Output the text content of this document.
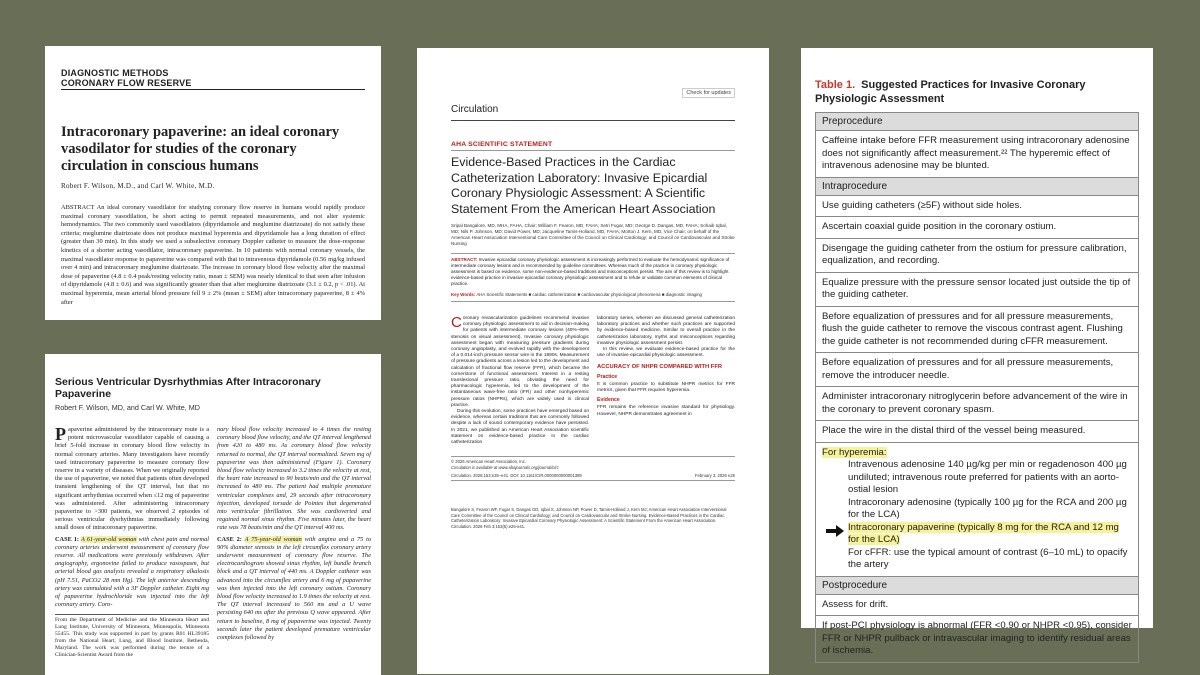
DIAGNOSTIC METHODS
CORONARY FLOW RESERVE
Intracoronary papaverine: an ideal coronary vasodilator for studies of the coronary circulation in conscious humans
Robert F. Wilson, M.D., and Carl W. White, M.D.
ABSTRACT An ideal coronary vasodilator for studying coronary flow reserve in humans would rapidly produce maximal coronary vasodilation, be short acting to permit repeated measurements, and not alter systemic hemodynamics. The two commonly used vasodilators (dipyridamole and meglumine diatrizoate) do not satisfy these criteria; meglumine diatrizoate does not produce maximal hyperemia and dipyridamole has a long duration of effect (greater than 30 min). In this study we used a subselective coronary Doppler catheter to measure the dose-response kinetics of a shorter acting vasodilator, intracoronary papaverine. In 10 patients with normal coronary vessels, the maximal vasodilator response to papaverine was compared with that to intravenous dipyridamole (0.56 mg/kg infused over 4 min) and intracoronary meglumine diatrizoate. The increase in coronary blood flow velocity after the maximal dose of papaverine (4.8 ± 0.4 peak/resting velocity ratio, mean ± SEM) was nearly identical to that seen after infusion of dipyridamole (4.8 ± 0.6) and was significantly greater than that after meglumine diatrizoate (3.1 ± 0.2, p < .01). At maximal hyperemia, mean arterial blood pressure fell 9 ± 2% (mean ± SEM) after intracoronary papaverine, 8 ± 4% after
Serious Ventricular Dysrhythmias After Intracoronary Papaverine
Robert F. Wilson, MD, and Carl W. White, MD
P apaverine administered by the intracoronary route is a potent microvascular vasodilator capable of causing a brief 5-fold increase in coronary blood flow velocity in normal coronary arteries. Many investigators have recently used intracoronary papaverine to measure coronary flow reserve in a variety of diseases. When we originally reported the use of papaverine, we noted that patients often developed transient lengthening of the QT interval, but that no significant arrhythmias occurred when ≤12 mg of papaverine was administered. After administering intracoronary papaverine to >300 patients, we observed 2 episodes of serious ventricular dysrhythmias immediately following small doses of intracoronary papaverine.
CASE 1: A 61-year-old woman with chest pain and normal coronary arteries underwent measurement of coronary flow reserve. All medications were previously withdrawn. After angiography, ergonovine failed to produce vasospasm, but arterial blood gas analysis revealed a respiratory alkalosis (pH 7.51, PaCO2 28 mm Hg). The left anterior descending artery was cannulated with a 3F Doppler catheter. Eight mg of papaverine hydrochloride was injected into the left coronary artery. Coro-
From the Department of Medicine and the Minnesota Heart and Lung Institute, University of Minnesota, Minneapolis, Minnesota 55455. This study was supported in part by grants R01 HL39185 from the National Heart, Lung, and Blood Institute, Bethesda, Maryland. The work was performed during the tenure of a Clinician-Scientist Award from the
nary blood flow velocity increased to 4 times the resting coronary blood flow velocity, and the QT interval lengthened from 420 to 480 ms. As coronary blood flow velocity returned to normal, the QT interval normalized. Seven mg of papaverine was then administered (Figure 1). Coronary blood flow velocity increased to 3.2 times the velocity at rest, the heart rate increased to 90 beats/min and the QT interval increased to 480 ms. The patient had multiple premature ventricular complexes and, 29 seconds after intracoronary injection, developed torsade de Pointes that degenerated into ventricular fibrillation. She was cardioverted and regained normal sinus rhythm. Five minutes later, the heart rate was 78 beats/min and the QT interval 400 ms.
CASE 2: A 75-year-old woman with angina and a 75 to 90% diameter stenosis in the left circumflex coronary artery underwent measurement of coronary flow reserve. The electrocardiogram showed sinus rhythm, left bundle branch block and a QT interval of 440 ms. A Doppler catheter was advanced into the circumflex artery and 6 mg of papaverine was then injected into the left coronary ostium. Coronary blood flow velocity increased to 1.9 times the velocity at rest. The QT interval increased to 560 ms and a U wave persisting 640 ms after the previous Q wave appeared. After return to baseline, 8 mg of papaverine was injected. Twenty seconds later the patient developed premature ventricular complexes followed by
Check for updates
Circulation
AHA SCIENTIFIC STATEMENT
Evidence-Based Practices in the Cardiac Catheterization Laboratory: Invasive Epicardial Coronary Physiologic Assessment: A Scientific Statement From the American Heart Association
Sripal Bangalore, MD, MHA, FAHA, Chair; William F. Fearon, MD, FAHA; Setri Fugar, MD; George D. Dangas, MD, FAHA; Sohaib Iqbal, MD; Nils P. Johnson, MD; David Power, MD; Jacqueline Tamis-Holland, MD, FAHA; Morton J. Kern, MD, Vice Chair; on behalf of the American Heart Association Interventional Care Committee of the Council on Clinical Cardiology; and Council on Cardiovascular and Stroke Nursing
ABSTRACT: Invasive epicardial coronary physiologic assessment is increasingly performed to evaluate the hemodynamic significance of intermediate coronary lesions and is recommended by guideline committees. Whereas much of the practice in coronary physiologic assessment is based on evidence, some non-evidence-based traditions and misconceptions persist. The aim of this review is to highlight evidence-based practice in invasive epicardial coronary physiologic assessment and to refute or validate common elements of clinical practice.
Key Words: AHA Scientific Statements ■ cardiac catheterization ■ cardiovascular physiological phenomena ■ diagnostic imaging
C oronary revascularization guidelines recommend invasive coronary physiologic assessment to aid in decision-making for patients with intermediate coronary lesions (40%–69% stenosis on visual assessment). Invasive coronary physiologic assessment began with measuring pressure gradients during coronary angioplasty, and evolved rapidly with the development of a 0.014-inch pressure sensor wire in the 1990s. Measurement of pressure gradients across a lesion led to the development and calculation of fractional flow reserve (FFR), which became the cornerstone of functional assessment. Interest in a resting translesional pressure ratio, obviating the need for pharmacologic hyperemia, led to the development of the instantaneous wave-free ratio (iFR) and other nonhyperemic pressure ratios (NHPRs), which are widely used in clinical practice.
During this evolution, some practices have emerged based on evidence, whereas certain traditions that are commonly followed despite a lack of sound contemporary evidence have persisted. In 2021, we published an American Heart Association scientific statement on evidence-based practice in the cardiac catheterization
laboratory series, wherein we discussed general catheterization laboratory practices and whether such practices are supported by evidence-based medicine. Similar to overall practice in the catheterization laboratory, myths and misconceptions regarding invasive physiologic assessment persist.
In this review, we evaluate evidence-based practice for the use of invasive epicardial physiologic assessment.
ACCURACY OF NHPR COMPARED WITH FFR
Practice
It is common practice to substitute NHPR metrics for FFR metrics, given that FFR requires hyperemia.
Evidence
FFR remains the reference invasive standard for physiology. However, NHPR demonstrates agreement in
© 2026 American Heart Association, Inc.
Circulation is available at www.ahajournals.org/journal/circ
Circulation. 2026;153:e25–e41. DOI: 10.1161/CIR.0000000000001389	February 3, 2026 e25
Bangalore S, Fearon WF, Fugar S, Dangas GD, Iqbal S, Johnson NP, Power D, Tamis-Holland J, Kern MJ; American Heart Association Interventional Care Committee of the Council on Clinical Cardiology; and Council on Cardiovascular and Stroke Nursing. Evidence-Based Practices in the Cardiac Catheterization Laboratory: Invasive Epicardial Coronary Physiologic Assessment: A Scientific Statement From the American Heart Association. Circulation. 2026 Feb 3;153(5):e25-e41.
Table 1. Suggested Practices for Invasive Coronary Physiologic Assessment
Preprocedure
Caffeine intake before FFR measurement using intracoronary adenosine does not significantly affect measurement.²² The hyperemic effect of intravenous adenosine may be blunted.
Intraprocedure
Use guiding catheters (≥5F) without side holes.
Ascertain coaxial guide position in the coronary ostium.
Disengage the guiding catheter from the ostium for pressure calibration, equalization, and recording.
Equalize pressure with the pressure sensor located just outside the tip of the guiding catheter.
Before equalization of pressures and for all pressure measurements, flush the guide catheter to remove the viscous contrast agent. Flushing the guide catheter is not recommended during cFFR measurement.
Before equalization of pressures and for all pressure measurements, remove the introducer needle.
Administer intracoronary nitroglycerin before advancement of the wire in the coronary to prevent coronary spasm.
Place the wire in the distal third of the vessel being measured.
For hyperemia:
Intravenous adenosine 140 µg/kg per min or regadenoson 400 µg undiluted; intravenous route preferred for patients with an aorto-ostial lesion
Intracoronary adenosine (typically 100 µg for the RCA and 200 µg for the LCA)
Intracoronary papaverine (typically 8 mg for the RCA and 12 mg for the LCA)
For cFFR: use the typical amount of contrast (6–10 mL) to opacify the artery
Postprocedure
Assess for drift.
If post-PCI physiology is abnormal (FFR <0.90 or NHPR <0.95), consider FFR or NHPR pullback or intravascular imaging to identify residual areas of ischemia.
